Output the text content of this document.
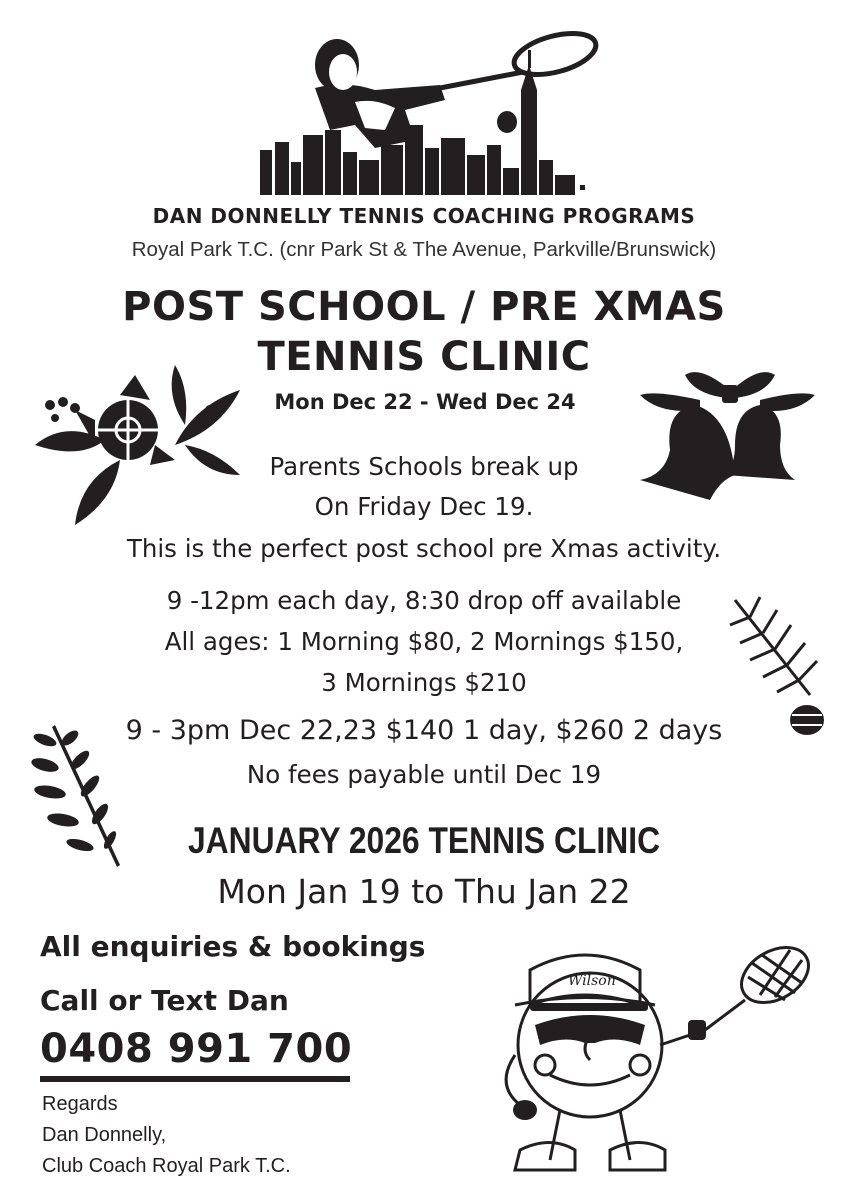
DAN DONNELLY TENNIS COACHING PROGRAMS
Royal Park T.C. (cnr Park St & The Avenue, Parkville/Brunswick)
POST SCHOOL / PRE XMAS
TENNIS CLINIC
Mon Dec 22 - Wed Dec 24
Parents Schools break up
On Friday Dec 19.
This is the perfect post school pre Xmas activity.
9 -12pm each day, 8:30 drop off available
All ages: 1 Morning $80, 2 Mornings $150,
3 Mornings $210
9 - 3pm Dec 22,23 $140 1 day, $260 2 days
No fees payable until Dec 19
JANUARY 2026 TENNIS CLINIC
Mon Jan 19 to Thu Jan 22
All enquiries & bookings
Call or Text Dan
0408 991 700
Regards
Dan Donnelly,
Club Coach Royal Park T.C.
Wilson
